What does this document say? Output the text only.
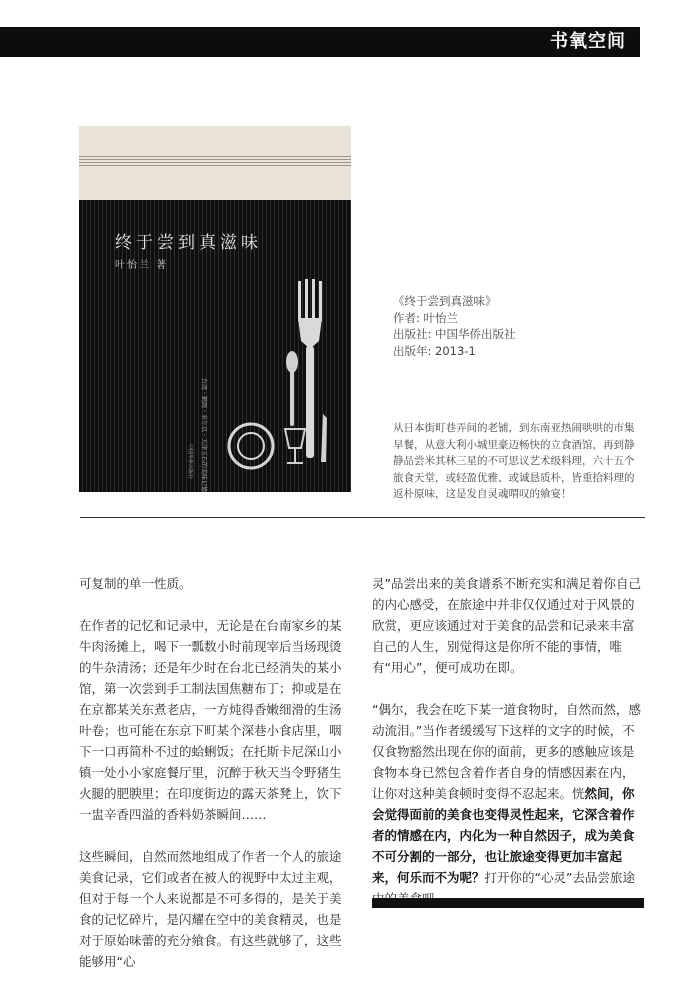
书氧空间
终于尝到真滋味
叶怡兰 著
台湾・鹤岡・米尔以・天津玉石的美味记憶
中国华侨出版社
《终于尝到真滋味》
作者: 叶怡兰
出版社: 中国华侨出版社
出版年: 2013-1
从日本街町巷弄间的老铺，到东南亚热闹哄哄的市集早餐，从意大利小城里豪迈畅快的立食酒馆，再到静静品尝米其林三星的不可思议艺术级料理，六十五个旅食天堂，或轻盈优雅、或诚恳质朴，皆重拾料理的返朴原味，这是发自灵魂喟叹的飨宴！

可复制的单一性质。

在作者的记忆和记录中，无论是在台南家乡的某牛肉汤摊上，喝下一瓢数小时前现宰后当场现烫的牛杂清汤；还是年少时在台北已经消失的某小馆，第一次尝到手工制法国焦糖布丁；抑或是在在京都某关东煮老店，一方炖得香嫩细滑的生汤叶卷；也可能在东京下町某个深巷小食店里，咽下一口再简朴不过的蛤蜊饭；在托斯卡尼深山小镇一处小小家庭餐厅里，沉醉于秋天当令野猪生火腿的肥腴里；在印度街边的露天茶凳上，饮下一盅辛香四溢的香料奶茶瞬间……

这些瞬间，自然而然地组成了作者一个人的旅途美食记录，它们或者在被人的视野中太过主观，但对于每一个人来说都是不可多得的，是关于美食的记忆碎片，是闪耀在空中的美食精灵，也是对于原始味蕾的充分飨食。有这些就够了，这些能够用“心

灵”品尝出来的美食谱系不断充实和满足着你自己的内心感受，在旅途中并非仅仅通过对于风景的欣赏，更应该通过对于美食的品尝和记录来丰富自己的人生，别觉得这是你所不能的事情，唯有“用心”，便可成功在即。

“偶尔，我会在吃下某一道食物时，自然而然，感动流泪。”当作者缓缓写下这样的文字的时候，不仅食物豁然出现在你的面前，更多的感触应该是食物本身已然包含着作者自身的情感因素在内，让你对这种美食顿时变得不忍起来。恍然间，你会觉得面前的美食也变得灵性起来，它深含着作者的情感在内，内化为一种自然因子，成为美食不可分割的一部分，也让旅途变得更加丰富起来，何乐而不为呢？打开你的“心灵”去品尝旅途
